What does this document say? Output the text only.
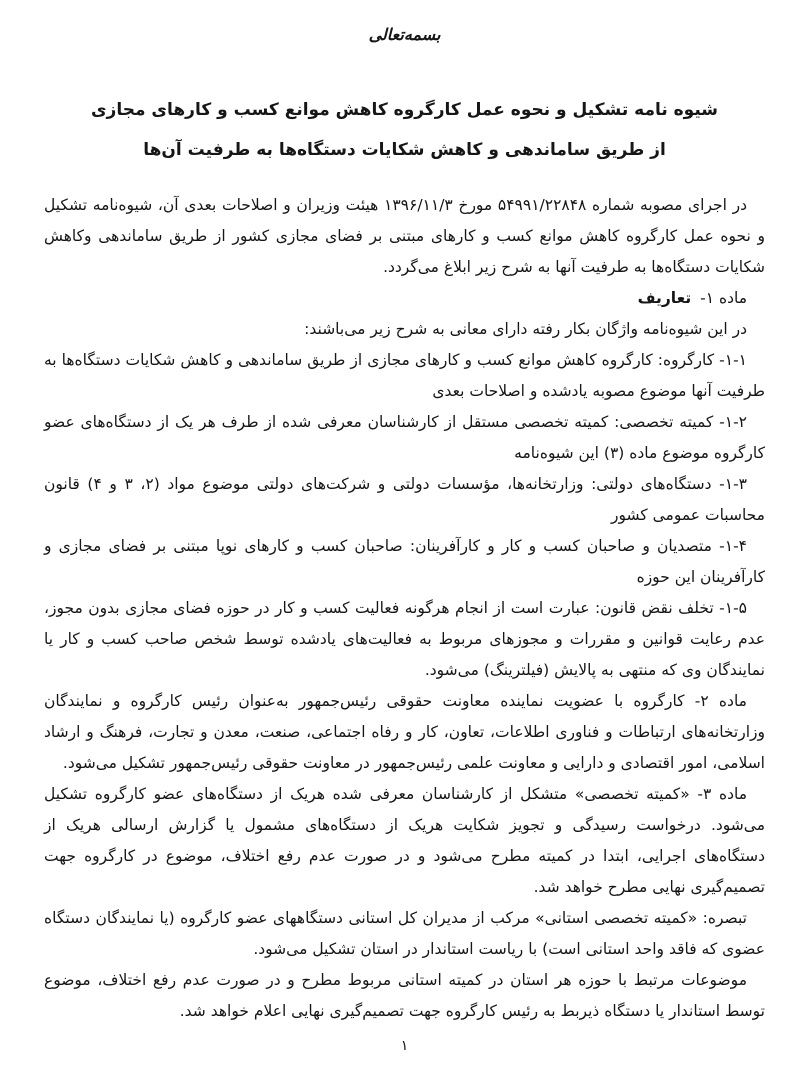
بسمه‌تعالی
شیوه نامه تشکیل و نحوه عمل کارگروه کاهش موانع کسب و کارهای مجازی
از طریق ساماندهی و کاهش شکایات دستگاه‌ها به طرفیت آن‌ها

در اجرای مصوبه شماره ۵۴۹۹۱/۲۲۸۴۸ مورخ ۱۳۹۶/۱۱/۳ هیئت وزیران و اصلاحات بعدی آن، شیوه‌نامه تشکیل و نحوه عمل کارگروه کاهش موانع کسب و کارهای مبتنی بر فضای مجازی کشور از طریق ساماندهی وکاهش شکایات دستگاه‌ها به طرفیت آنها به شرح زیر ابلاغ می‌گردد.

ماده ۱- تعاریف

در این شیوه‌نامه واژگان بکار رفته دارای معانی به شرح زیر می‌باشند:

۱-۱- کارگروه: کارگروه کاهش موانع کسب و کارهای مجازی از طریق ساماندهی و کاهش شکایات دستگاه‌ها به طرفیت آنها موضوع مصوبه یادشده و اصلاحات بعدی

۱-۲- کمیته تخصصی: کمیته تخصصی مستقل از کارشناسان معرفی شده از طرف هر یک از دستگاه‌های عضو کارگروه موضوع ماده (۳) این شیوه‌نامه

۱-۳- دستگاه‌های دولتی: وزارتخانه‌ها، مؤسسات دولتی و شرکت‌های دولتی موضوع مواد (۲، ۳ و ۴) قانون محاسبات عمومی کشور

۱-۴- متصدیان و صاحبان کسب و کار و کارآفرینان: صاحبان کسب و کارهای نوپا مبتنی بر فضای مجازی و کارآفرینان این حوزه

۱-۵- تخلف نقض قانون: عبارت است از انجام هرگونه فعالیت کسب و کار در حوزه فضای مجازی بدون مجوز، عدم رعایت قوانین و مقررات و مجوزهای مربوط به فعالیت‌های یادشده توسط شخص صاحب کسب و کار یا نمایندگان وی که منتهی به پالایش (فیلترینگ) می‌شود.

ماده ۲- کارگروه با عضویت نماینده معاونت حقوقی رئیس‌جمهور به‌عنوان رئیس کارگروه و نمایندگان وزارتخانه‌های ارتباطات و فناوری اطلاعات، تعاون، کار و رفاه اجتماعی، صنعت، معدن و تجارت، فرهنگ و ارشاد اسلامی، امور اقتصادی و دارایی و معاونت علمی رئیس‌جمهور در معاونت حقوقی رئیس‌جمهور تشکیل می‌شود.

ماده ۳- «کمیته تخصصی» متشکل از کارشناسان معرفی شده هریک از دستگاه‌های عضو کارگروه تشکیل می‌شود. درخواست رسیدگی و تجویز شکایت هریک از دستگاه‌های مشمول یا گزارش ارسالی هریک از دستگاه‌های اجرایی، ابتدا در کمیته مطرح می‌شود و در صورت عدم رفع اختلاف، موضوع در کارگروه جهت تصمیم‌گیری نهایی مطرح خواهد شد.

تبصره: «کمیته تخصصی استانی» مرکب از مدیران کل استانی دستگاههای عضو کارگروه (یا نمایندگان دستگاه عضوی که فاقد واحد استانی است) با ریاست استاندار در استان تشکیل می‌شود.

موضوعات مرتبط با حوزه هر استان در کمیته استانی مربوط مطرح و در صورت عدم رفع اختلاف، موضوع توسط استاندار یا دستگاه ذیربط به رئیس کارگروه جهت تصمیم‌گیری نهایی اعلام خواهد شد.

۱
